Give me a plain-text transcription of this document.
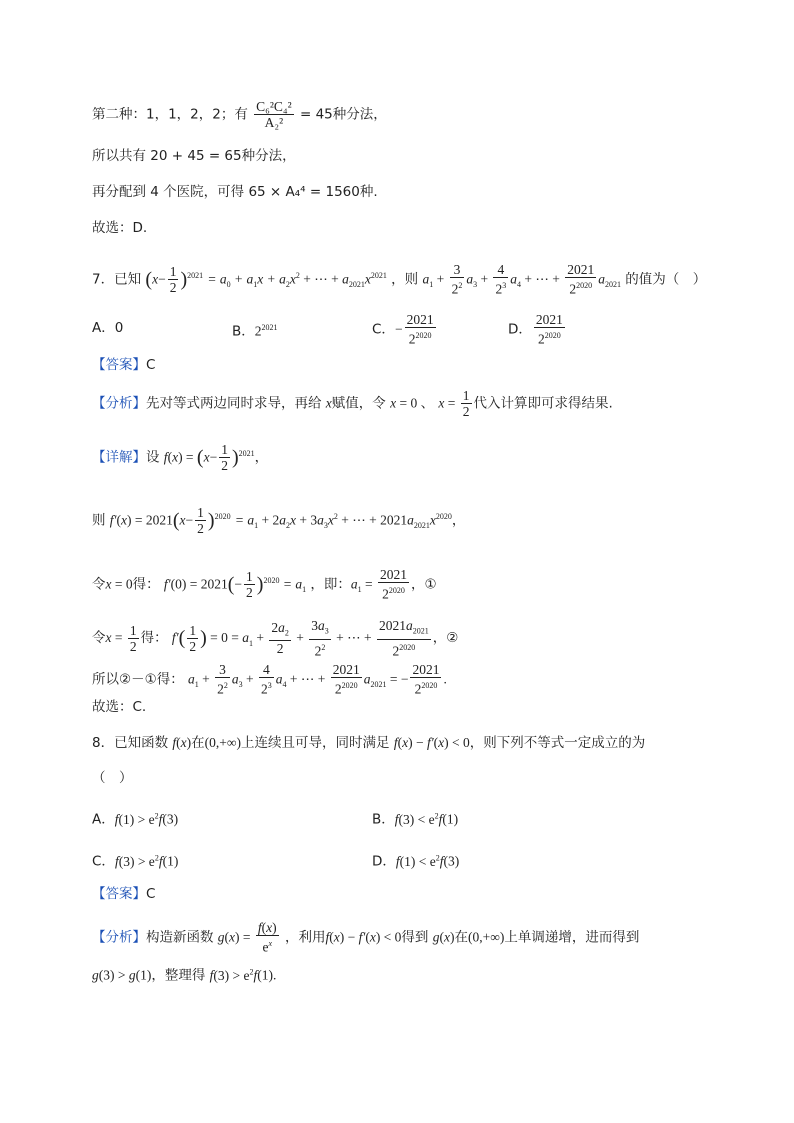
第二种：1，1，2，2；有 $\frac{\text{C₆²C₄²}}{\text{A₂²}} = 45$种分法，
所以共有 20 + 45 = 65种分法，
再分配到 4 个医院，可得 65 × A₄⁴ = 1560种.
故选：D.
7．已知 $(x- \frac{1}{2} )^{2021} = a_0 + a_1x + a_2x^2$ + ⋯ + $a_{2021}x^{2021}$ ，则 $a_1 + \frac{3}{2^2} a_3 + \frac{4}{2^3} a_4$ + ⋯ + $\frac{2021}{2^{2020}} a_{2021}$ 的值为（　）
A．0	B．$2^{2021}$	C．− $\frac{2021}{2^{2020}}$	D． $\frac{2021}{2^{2020}}$
【答案】C
【分析】先对等式两边同时求导，再给 x赋值，令 x = 0 、 $x = \frac{1}{2}$ 代入计算即可求得结果.
【详解】设 $f(x) = (x- \frac{1}{2} )^{2021}$，
则 $f'(x) = 2021(x- \frac{1}{2} )^{2020} = a_1 + 2a_2x + 3a_3x^2$ + ⋯ + $2021a_{2021}x^{2020}$，
令x = 0得： $f'(0) = 2021(- \frac{1}{2} )^{2020} = a_1$ ，即：$a_1 = \frac{2021}{2^{2020}}$ ，①
令$x = \frac{1}{2}$ 得： $f'( \frac{1}{2}$ ) = $0 = a_1 + \frac{2a_2}{2} + \frac{3a_3}{2^2}$ + ⋯ + $\frac{2021a_{2021}}{2^{2020}}$ ，②
所以②－①得： $a_1 + \frac{3}{2^2} a_3 + \frac{4}{2^3} a_4$ + ⋯ + $\frac{2021}{2^{2020}} a_{2021}$ = − $\frac{2021}{2^{2020}}$ .
故选：C.
8．已知函数 f(x)在(0,+∞)上连续且可导，同时满足 f(x) − f′(x) < 0，则下列不等式一定成立的为
（　）
A．$f(1) > e^2f(3)$	B．$f(3) < e^2f(1)$
C．$f(3) > e^2f(1)$	D．$f(1) < e^2f(3)$
【答案】C
【分析】构造新函数 $g(x) = \frac{f(x)}{e^x}$ ，利用f(x) − f′(x) < 0得到 g(x)在(0,+∞)上单调递增，进而得到
g(3) > g(1)，整理得 $f(3) > e^2f(1)$.
